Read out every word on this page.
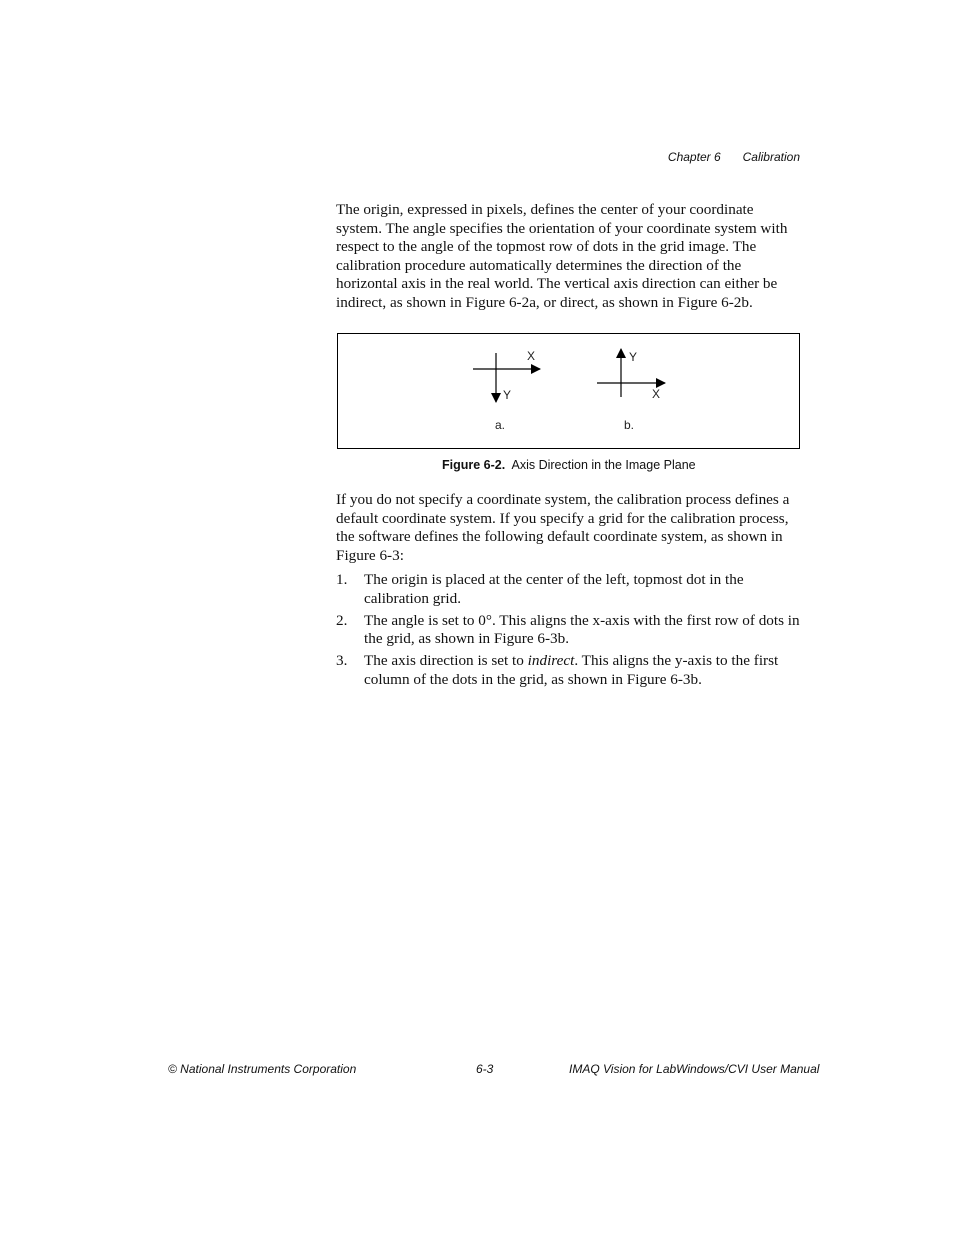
Chapter 6 Calibration

The origin, expressed in pixels, defines the center of your coordinate system. The angle specifies the orientation of your coordinate system with respect to the angle of the topmost row of dots in the grid image. The calibration procedure automatically determines the direction of the horizontal axis in the real world. The vertical axis direction can either be indirect, as shown in Figure 6-2a, or direct, as shown in Figure 6-2b.

X
Y
a.
Y
X
b.
Figure 6-2. Axis Direction in the Image Plane

If you do not specify a coordinate system, the calibration process defines a default coordinate system. If you specify a grid for the calibration process, the software defines the following default coordinate system, as shown in Figure 6-3:

1.	The origin is placed at the center of the left, topmost dot in the calibration grid.
2.	The angle is set to 0°. This aligns the x-axis with the first row of dots in the grid, as shown in Figure 6-3b.
3.	The axis direction is set to indirect. This aligns the y-axis to the first column of the dots in the grid, as shown in Figure 6-3b.
© National Instruments Corporation	6-3	IMAQ Vision for LabWindows/CVI User Manual
